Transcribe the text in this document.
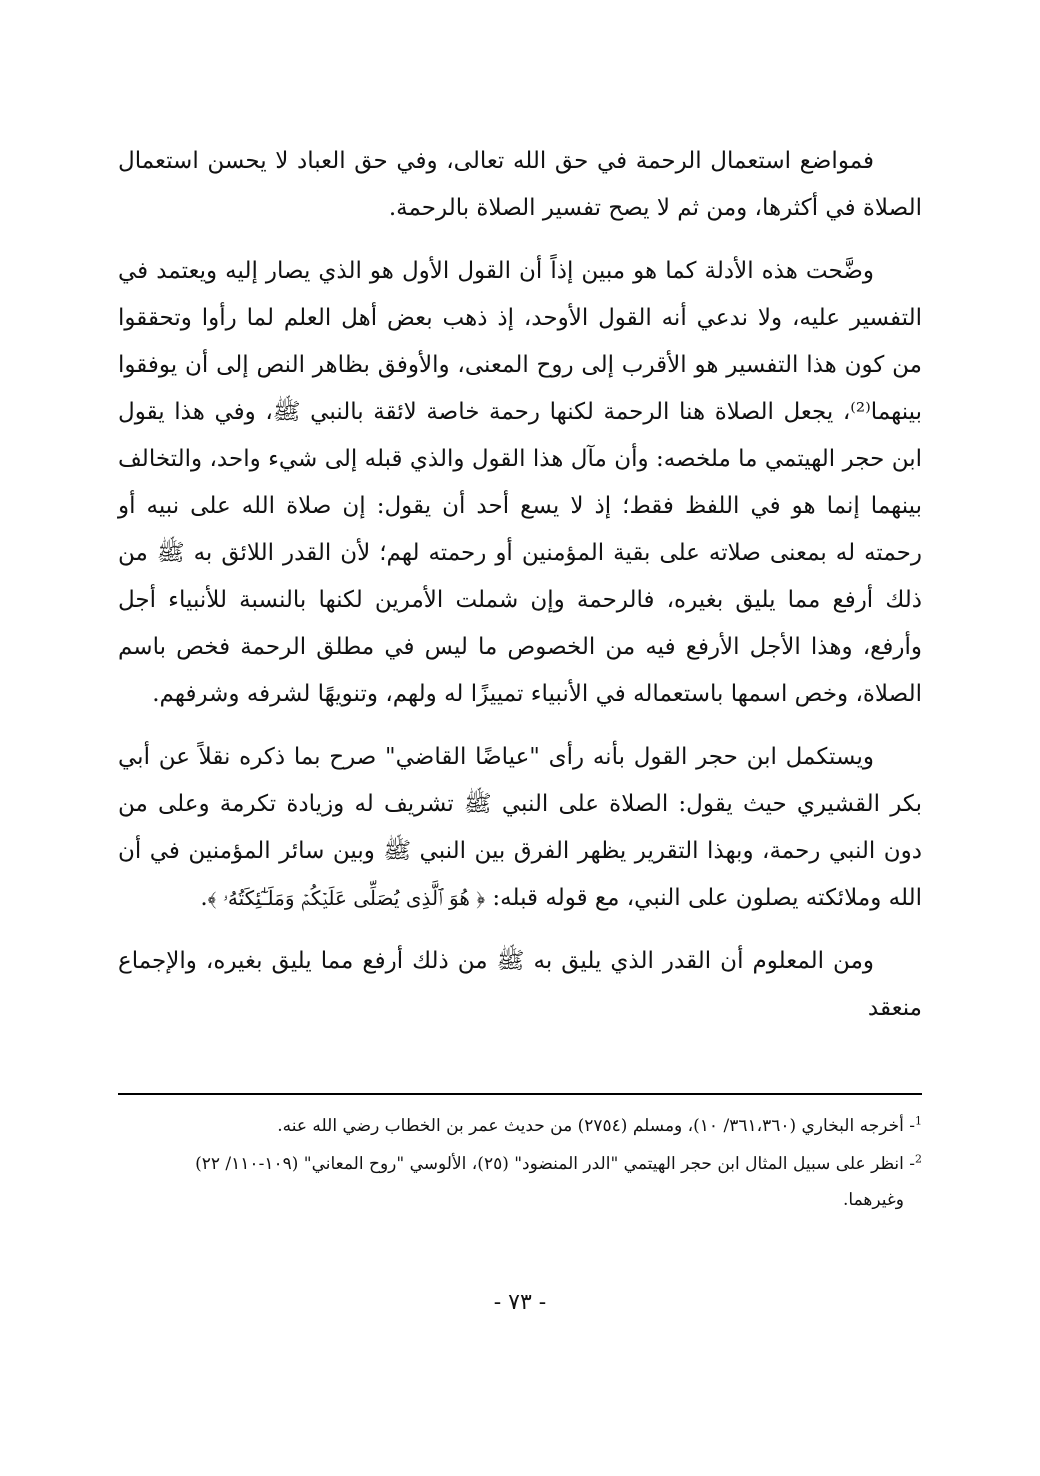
فمواضع استعمال الرحمة في حق الله تعالى، وفي حق العباد لا يحسن استعمال الصلاة في أكثرها، ومن ثم لا يصح تفسير الصلاة بالرحمة.

وضَّحت هذه الأدلة كما هو مبين إذاً أن القول الأول هو الذي يصار إليه ويعتمد في التفسير عليه، ولا ندعي أنه القول الأوحد، إذ ذهب بعض أهل العلم لما رأوا وتحققوا من كون هذا التفسير هو الأقرب إلى روح المعنى، والأوفق بظاهر النص إلى أن يوفقوا بينهما⁽²⁾، يجعل الصلاة هنا الرحمة لكنها رحمة خاصة لائقة بالنبي ﷺ، وفي هذا يقول ابن حجر الهيتمي ما ملخصه: وأن مآل هذا القول والذي قبله إلى شيء واحد، والتخالف بينهما إنما هو في اللفظ فقط؛ إذ لا يسع أحد أن يقول: إن صلاة الله على نبيه أو رحمته له بمعنى صلاته على بقية المؤمنين أو رحمته لهم؛ لأن القدر اللائق به ﷺ من ذلك أرفع مما يليق بغيره، فالرحمة وإن شملت الأمرين لكنها بالنسبة للأنبياء أجل وأرفع، وهذا الأجل الأرفع فيه من الخصوص ما ليس في مطلق الرحمة فخص باسم الصلاة، وخص اسمها باستعماله في الأنبياء تمييزًا له ولهم، وتنويهًا لشرفه وشرفهم.

ويستكمل ابن حجر القول بأنه رأى "عياضًا القاضي" صرح بما ذكره نقلاً عن أبي بكر القشيري حيث يقول: الصلاة على النبي ﷺ تشريف له وزيادة تكرمة وعلى من دون النبي رحمة، وبهذا التقرير يظهر الفرق بين النبي ﷺ وبين سائر المؤمنين في أن الله وملائكته يصلون على النبي، مع قوله قبله: ﴿ هُوَ ٱلَّذِى يُصَلِّى عَلَيۡكُمۡ وَمَلَـٰٓئِكَتُهُۥ ﴾.

ومن المعلوم أن القدر الذي يليق به ﷺ من ذلك أرفع مما يليق بغيره، والإجماع منعقد

$^1$- أخرجه البخاري (٣٦١،٣٦٠/ ١٠)، ومسلم (٢٧٥٤) من حديث عمر بن الخطاب رضي الله عنه.

$^2$- انظر على سبيل المثال ابن حجر الهيتمي "الدر المنضود" (٢٥)، الألوسي "روح المعاني" (١٠٩-١١٠/ ٢٢)

وغيرهما.

- ٧٣ -
